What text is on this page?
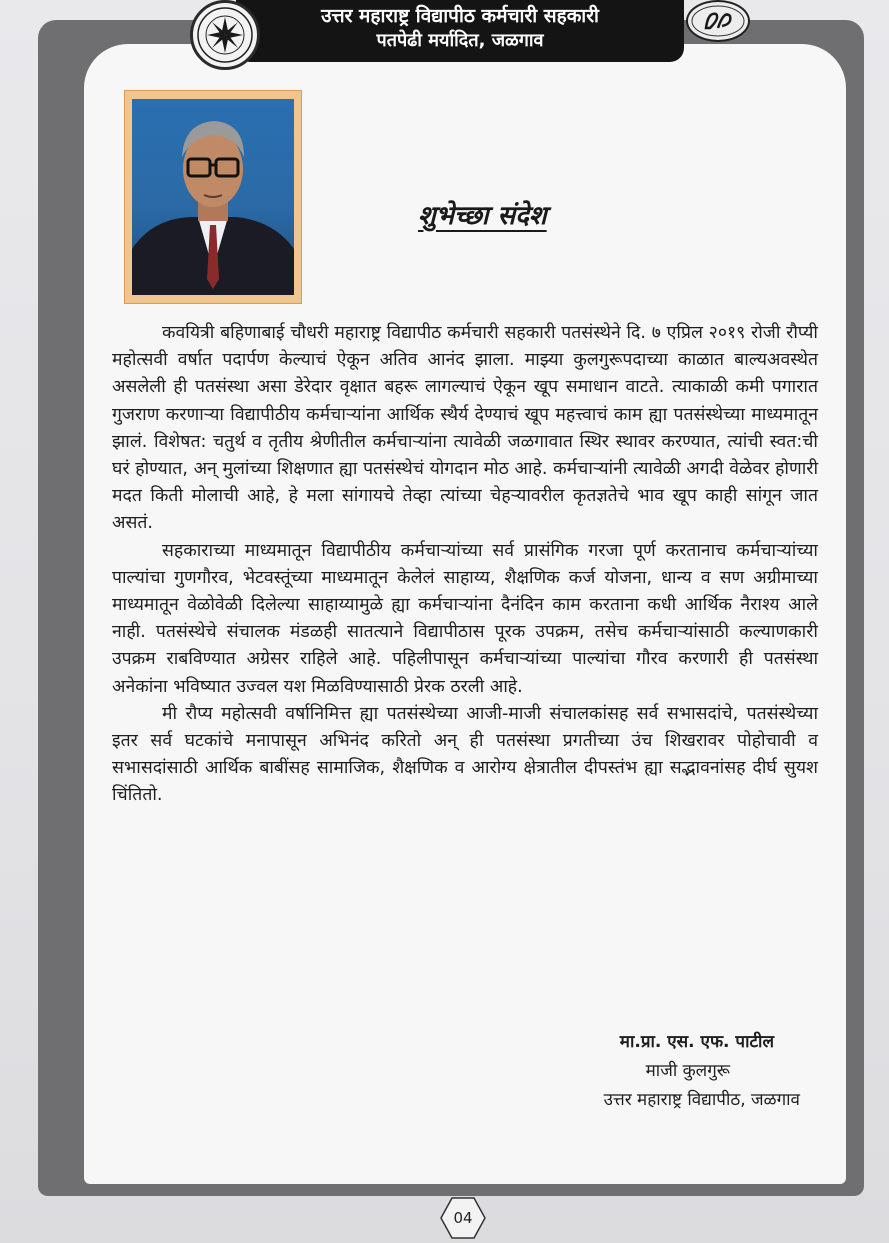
उत्तर महाराष्ट्र विद्यापीठ कर्मचारी सहकारी
पतपेढी मर्यादित, जळगाव
शुभेच्छा संदेश

कवयित्री बहिणाबाई चौधरी महाराष्ट्र विद्यापीठ कर्मचारी सहकारी पतसंस्थेने दि. ७ एप्रिल २०१९ रोजी रौप्यी महोत्सवी वर्षात पदार्पण केल्याचं ऐकून अतिव आनंद झाला. माझ्या कुलगुरूपदाच्या काळात बाल्यअवस्थेत असलेली ही पतसंस्था असा डेरेदार वृक्षात बहरू लागल्याचं ऐकून खूप समाधान वाटते. त्याकाळी कमी पगारात गुजराण करणाऱ्या विद्यापीठीय कर्मचाऱ्यांना आर्थिक स्थैर्य देण्याचं खूप महत्त्वाचं काम ह्या पतसंस्थेच्या माध्यमातून झालं. विशेषत: चतुर्थ व तृतीय श्रेणीतील कर्मचाऱ्यांना त्यावेळी जळगावात स्थिर स्थावर करण्यात, त्यांची स्वत:ची घरं होण्यात, अन् मुलांच्या शिक्षणात ह्या पतसंस्थेचं योगदान मोठ आहे. कर्मचाऱ्यांनी त्यावेळी अगदी वेळेवर होणारी मदत किती मोलाची आहे, हे मला सांगायचे तेव्हा त्यांच्या चेहऱ्यावरील कृतज्ञतेचे भाव खूप काही सांगून जात असतं.

सहकाराच्या माध्यमातून विद्यापीठीय कर्मचाऱ्यांच्या सर्व प्रासंगिक गरजा पूर्ण करतानाच कर्मचाऱ्यांच्या पाल्यांचा गुणगौरव, भेटवस्तूंच्या माध्यमातून केलेलं साहाय्य, शैक्षणिक कर्ज योजना, धान्य व सण अग्रीमाच्या माध्यमातून वेळोवेळी दिलेल्या साहाय्यामुळे ह्या कर्मचाऱ्यांना दैनंदिन काम करताना कधी आर्थिक नैराश्य आले नाही. पतसंस्थेचे संचालक मंडळही सातत्याने विद्यापीठास पूरक उपक्रम, तसेच कर्मचाऱ्यांसाठी कल्याणकारी उपक्रम राबविण्यात अग्रेसर राहिले आहे. पहिलीपासून कर्मचाऱ्यांच्या पाल्यांचा गौरव करणारी ही पतसंस्था अनेकांना भविष्यात उज्वल यश मिळविण्यासाठी प्रेरक ठरली आहे.

मी रौप्य महोत्सवी वर्षानिमित्त ह्या पतसंस्थेच्या आजी-माजी संचालकांसह सर्व सभासदांचे, पतसंस्थेच्या इतर सर्व घटकांचे मनापासून अभिनंद करितो अन् ही पतसंस्था प्रगतीच्या उंच शिखरावर पोहोचावी व सभासदांसाठी आर्थिक बाबींसह सामाजिक, शैक्षणिक व आरोग्य क्षेत्रातील दीपस्तंभ ह्या सद्भावनांसह दीर्घ सुयश चिंतितो.

मा.प्रा. एस. एफ. पाटील
माजी कुलगुरू
उत्तर महाराष्ट्र विद्यापीठ, जळगाव
04
